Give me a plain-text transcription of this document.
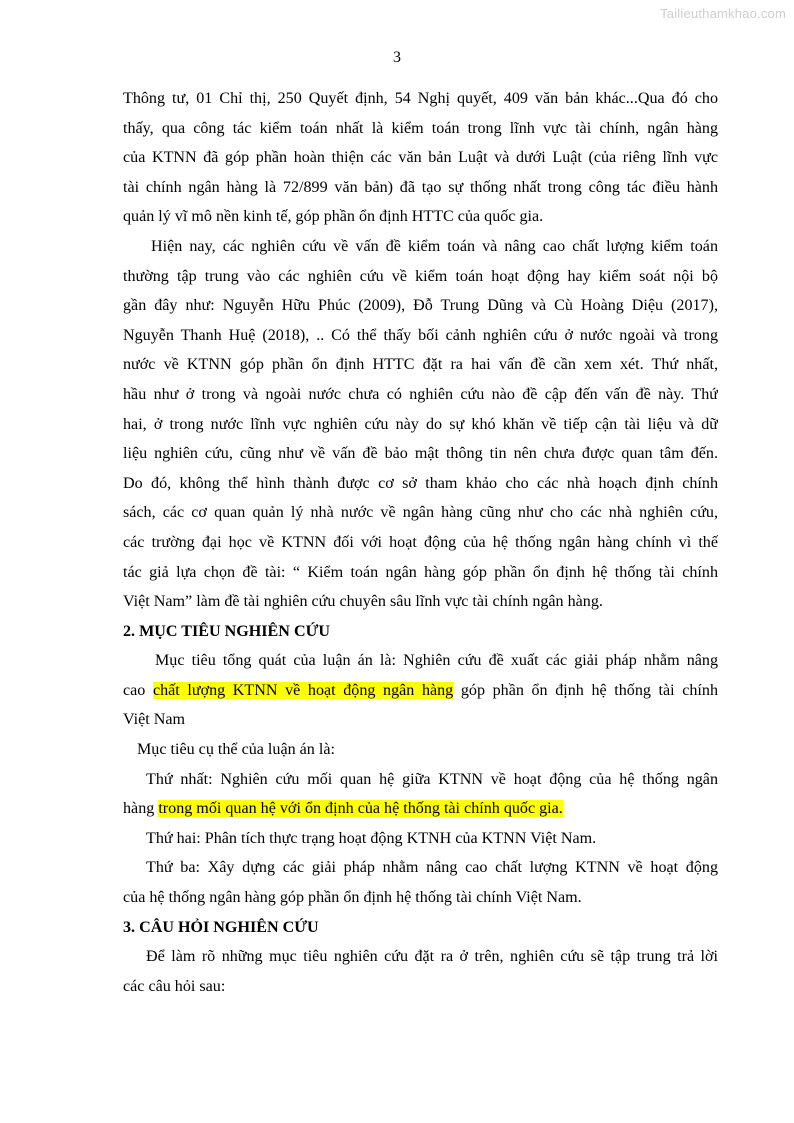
Tailieuthamkhao.com
3
Thông tư, 01 Chỉ thị, 250 Quyết định, 54 Nghị quyết, 409 văn bản khác...Qua đó cho
thấy, qua công tác kiểm toán nhất là kiểm toán trong lĩnh vực tài chính, ngân hàng
của KTNN đã góp phần hoàn thiện các văn bản Luật và dưới Luật (của riêng lĩnh vực
tài chính ngân hàng là 72/899 văn bản) đã tạo sự thống nhất trong công tác điều hành
quản lý vĩ mô nền kinh tế, góp phần ổn định HTTC của quốc gia.
Hiện nay, các nghiên cứu về vấn đề kiểm toán và nâng cao chất lượng kiểm toán
thường tập trung vào các nghiên cứu về kiểm toán hoạt động hay kiểm soát nội bộ
gần đây như: Nguyễn Hữu Phúc (2009), Đỗ Trung Dũng và Cù Hoàng Diệu (2017),
Nguyễn Thanh Huệ (2018), .. Có thể thấy bối cảnh nghiên cứu ở nước ngoài và trong
nước về KTNN góp phần ổn định HTTC đặt ra hai vấn đề cần xem xét. Thứ nhất,
hầu như ở trong và ngoài nước chưa có nghiên cứu nào đề cập đến vấn đề này. Thứ
hai, ở trong nước lĩnh vực nghiên cứu này do sự khó khăn về tiếp cận tài liệu và dữ
liệu nghiên cứu, cũng như về vấn đề bảo mật thông tin nên chưa được quan tâm đến.
Do đó, không thể hình thành được cơ sở tham khảo cho các nhà hoạch định chính
sách, các cơ quan quản lý nhà nước về ngân hàng cũng như cho các nhà nghiên cứu,
các trường đại học về KTNN đối với hoạt động của hệ thống ngân hàng chính vì thế
tác giả lựa chọn đề tài: “ Kiểm toán ngân hàng góp phần ổn định hệ thống tài chính
Việt Nam” làm đề tài nghiên cứu chuyên sâu lĩnh vực tài chính ngân hàng.
2. MỤC TIÊU NGHIÊN CỨU
Mục tiêu tổng quát của luận án là: Nghiên cứu đề xuất các giải pháp nhằm nâng
cao chất lượng KTNN về hoạt động ngân hàng góp phần ổn định hệ thống tài chính
Việt Nam
Mục tiêu cụ thể của luận án là:
Thứ nhất: Nghiên cứu mối quan hệ giữa KTNN về hoạt động của hệ thống ngân
hàng trong mối quan hệ với ổn định của hệ thống tài chính quốc gia.
Thứ hai: Phân tích thực trạng hoạt động KTNH của KTNN Việt Nam.
Thứ ba: Xây dựng các giải pháp nhằm nâng cao chất lượng KTNN về hoạt động
của hệ thống ngân hàng góp phần ổn định hệ thống tài chính Việt Nam.
3. CÂU HỎI NGHIÊN CỨU
Để làm rõ những mục tiêu nghiên cứu đặt ra ở trên, nghiên cứu sẽ tập trung trả lời
các câu hỏi sau:
